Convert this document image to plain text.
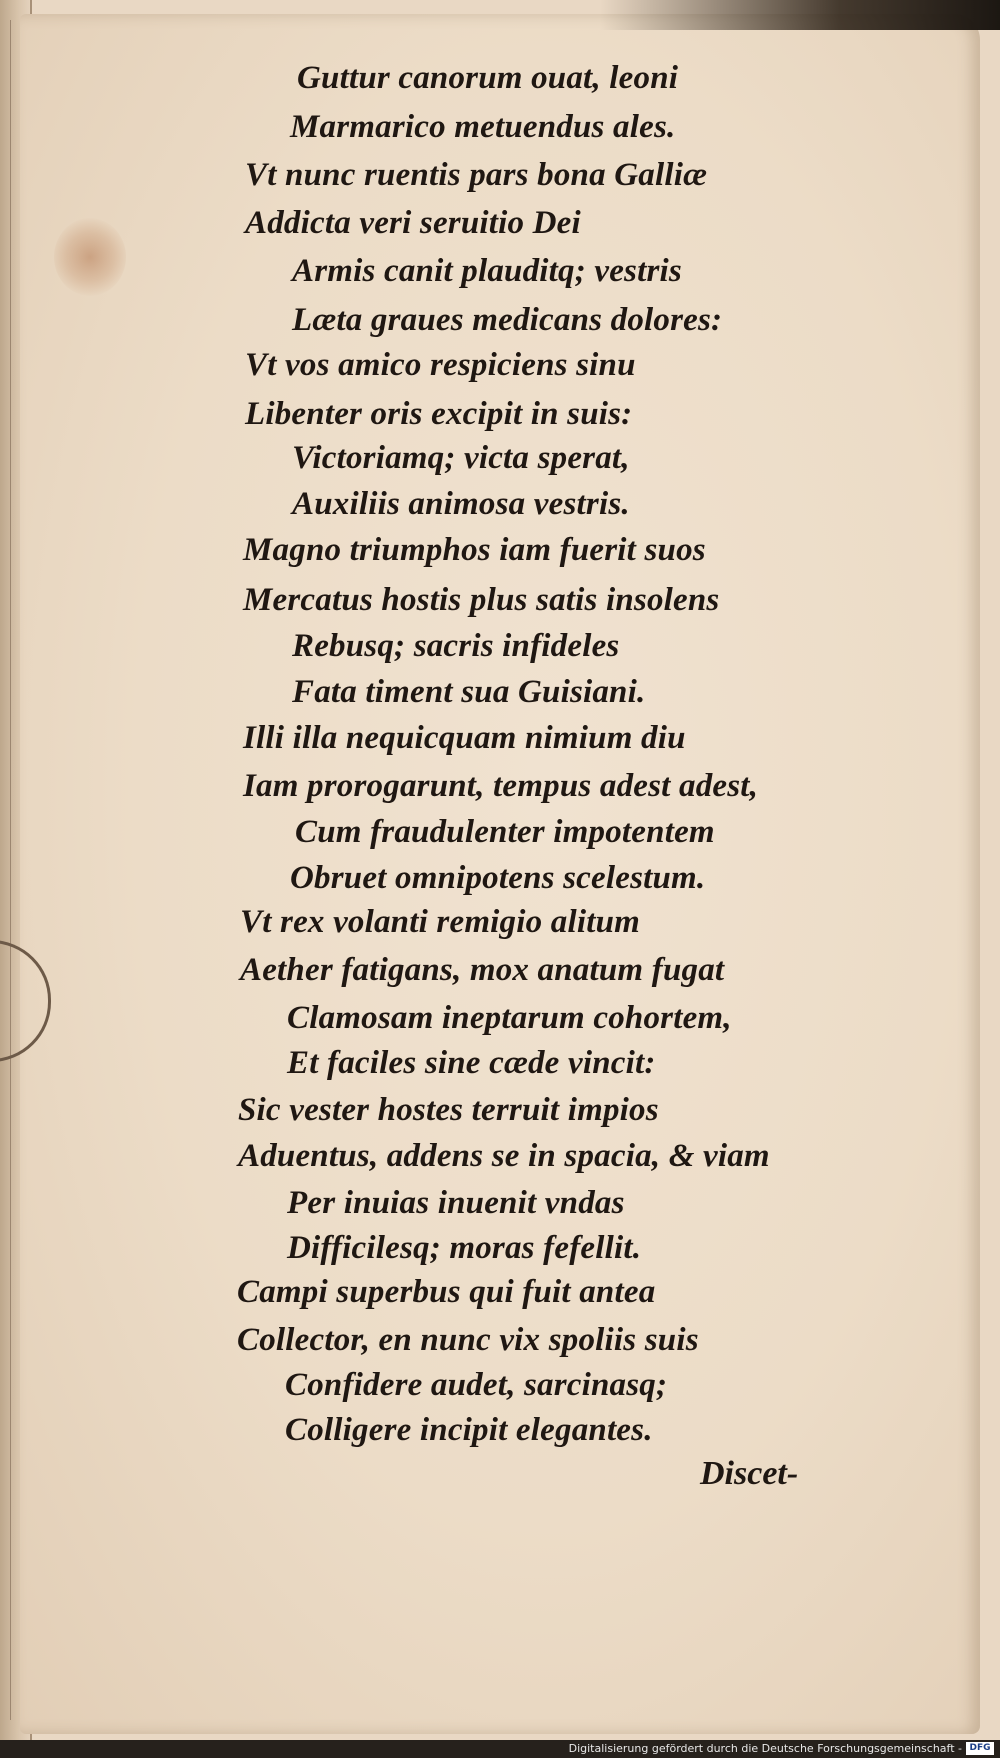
Guttur canorum ouat, leoni
Marmarico metuendus ales.
Vt nunc ruentis pars bona Galliæ
Addicta veri seruitio Dei
Armis canit plauditq; vestris
Læta graues medicans dolores:
Vt vos amico respiciens sinu
Libenter oris excipit in suis:
Victoriamq; victa sperat,
Auxiliis animosa vestris.
Magno triumphos iam fuerit suos
Mercatus hostis plus satis insolens
Rebusq; sacris infideles
Fata timent sua Guisiani.
Illi illa nequicquam nimium diu
Iam prorogarunt, tempus adest adest,
Cum fraudulenter impotentem
Obruet omnipotens scelestum.
Vt rex volanti remigio alitum
Aether fatigans, mox anatum fugat
Clamosam ineptarum cohortem,
Et faciles sine cæde vincit:
Sic vester hostes terruit impios
Aduentus, addens se in spacia, & viam
Per inuias inuenit vndas
Difficilesq; moras fefellit.
Campi superbus qui fuit antea
Collector, en nunc vix spoliis suis
Confidere audet, sarcinasq;
Colligere incipit elegantes.
Discet-
Digitalisierung gefördert durch die Deutsche Forschungsgemeinschaft - DFG
